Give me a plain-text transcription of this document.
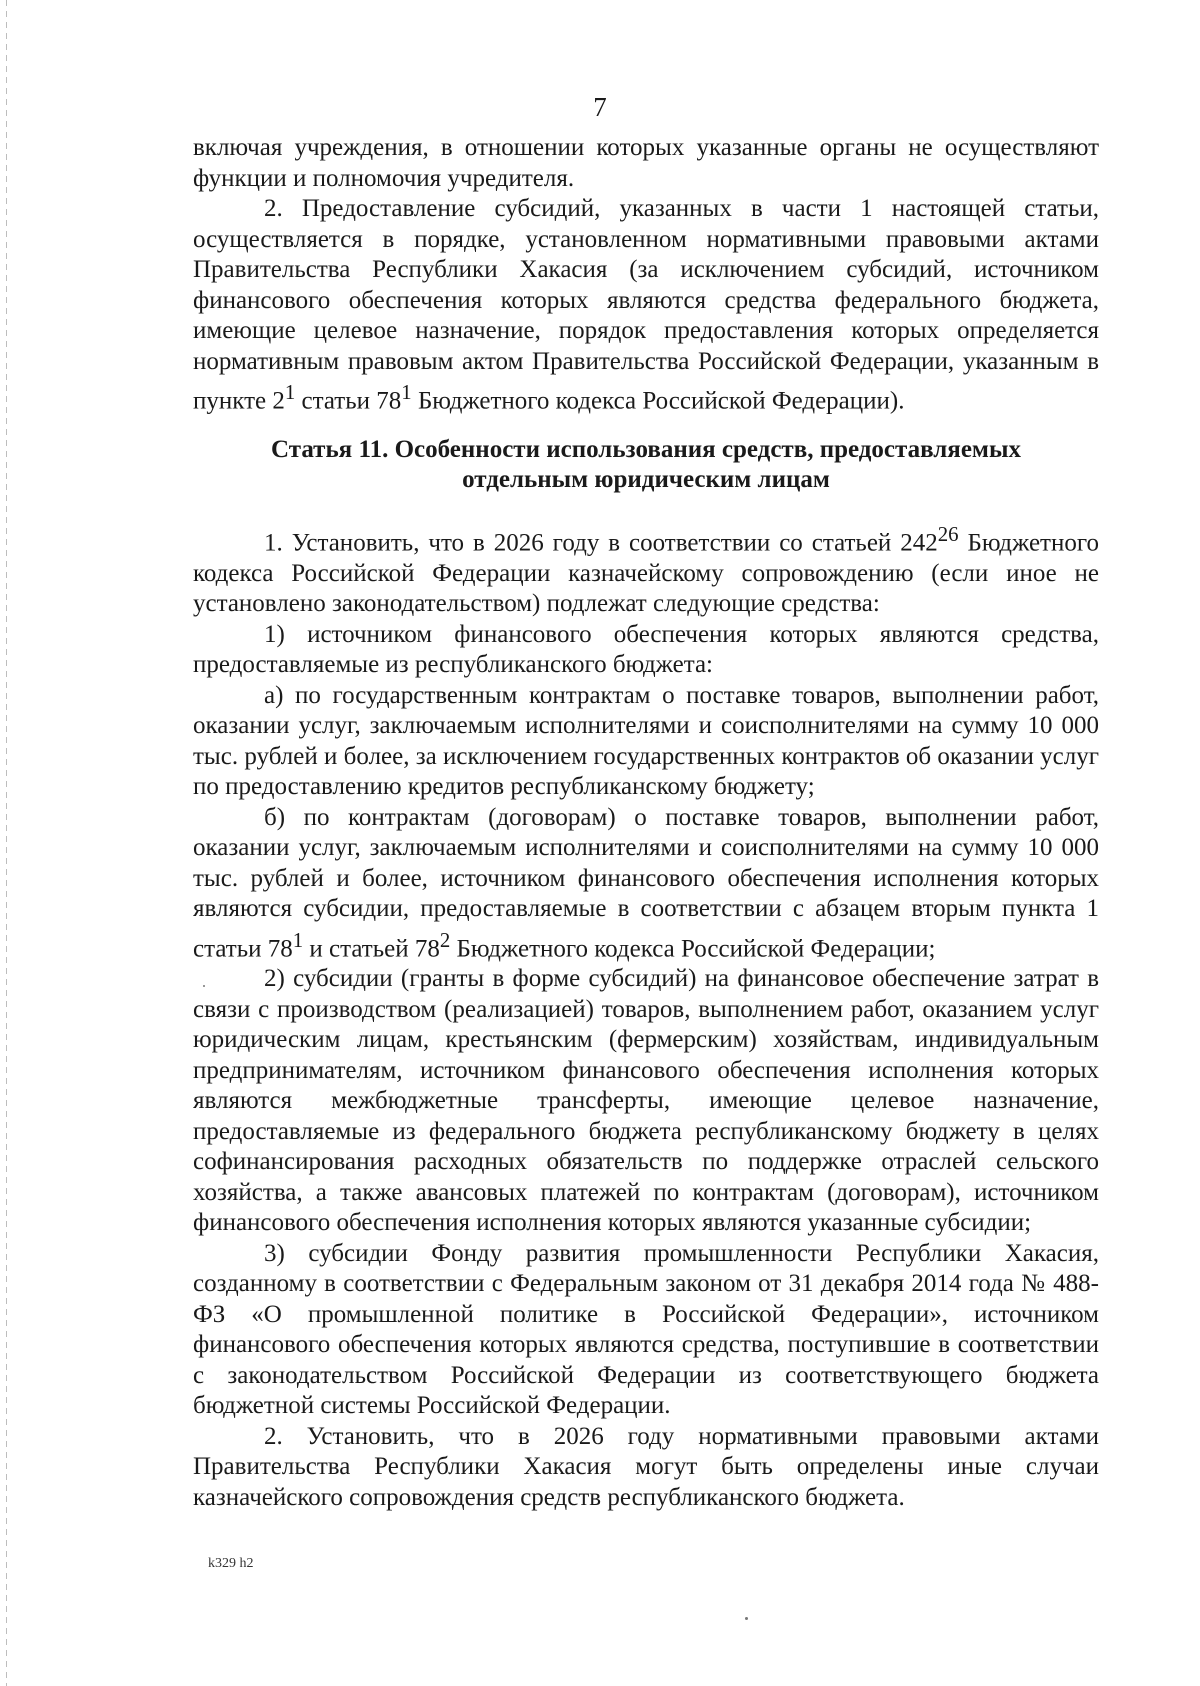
7

включая учреждения, в отношении которых указанные органы не осуществляют функции и полномочия учредителя.

2. Предоставление субсидий, указанных в части 1 настоящей статьи, осуществляется в порядке, установленном нормативными правовыми актами Правительства Республики Хакасия (за исключением субсидий, источником финансового обеспечения которых являются средства федерального бюджета, имеющие целевое назначение, порядок предоставления которых определяется нормативным правовым актом Правительства Российской Федерации, указанным в пункте $2^1$ статьи $78^1$ Бюджетного кодекса Российской Федерации).

Статья 11. Особенности использования средств, предоставляемых
отдельным юридическим лицам

1. Установить, что в 2026 году в соответствии со статьей $242^{26}$ Бюджетного кодекса Российской Федерации казначейскому сопровождению (если иное не установлено законодательством) подлежат следующие средства:

1) источником финансового обеспечения которых являются средства, предоставляемые из республиканского бюджета:

а) по государственным контрактам о поставке товаров, выполнении работ, оказании услуг, заключаемым исполнителями и соисполнителями на сумму 10 000 тыс. рублей и более, за исключением государственных контрактов об оказании услуг по предоставлению кредитов республиканскому бюджету;

б) по контрактам (договорам) о поставке товаров, выполнении работ, оказании услуг, заключаемым исполнителями и соисполнителями на сумму 10 000 тыс. рублей и более, источником финансового обеспечения исполнения которых являются субсидии, предоставляемые в соответствии с абзацем вторым пункта 1 статьи $78^1$ и статьей $78^2$ Бюджетного кодекса Российской Федерации;

2) субсидии (гранты в форме субсидий) на финансовое обеспечение затрат в связи с производством (реализацией) товаров, выполнением работ, оказанием услуг юридическим лицам, крестьянским (фермерским) хозяйствам, индивидуальным предпринимателям, источником финансового обеспечения исполнения которых являются межбюджетные трансферты, имеющие целевое назначение, предоставляемые из федерального бюджета республиканскому бюджету в целях софинансирования расходных обязательств по поддержке отраслей сельского хозяйства, а также авансовых платежей по контрактам (договорам), источником финансового обеспечения исполнения которых являются указанные субсидии;

3) субсидии Фонду развития промышленности Республики Хакасия, созданному в соответствии с Федеральным законом от 31 декабря 2014 года № 488-ФЗ «О промышленной политике в Российской Федерации», источником финансового обеспечения которых являются средства, поступившие в соответствии с законодательством Российской Федерации из соответствующего бюджета бюджетной системы Российской Федерации.

2. Установить, что в 2026 году нормативными правовыми актами Правительства Республики Хакасия могут быть определены иные случаи казначейского сопровождения средств республиканского бюджета.

k329 h2
